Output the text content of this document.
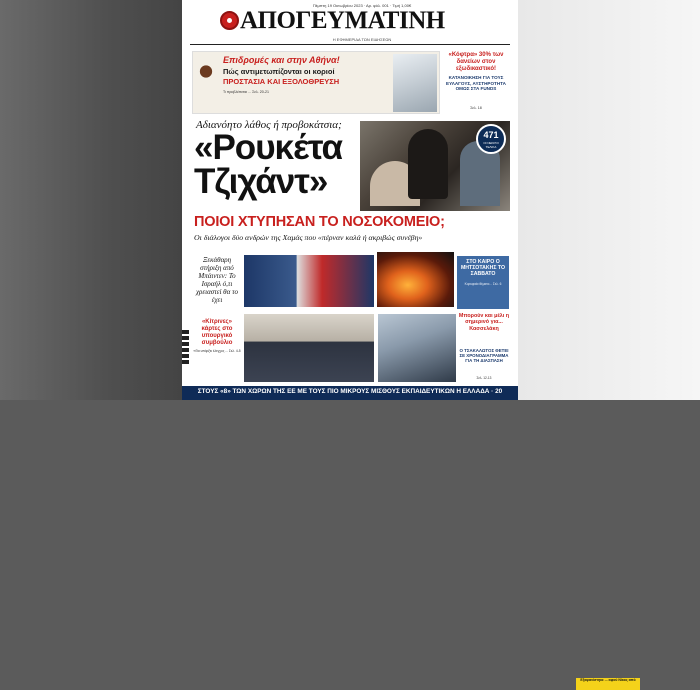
Πέμπτη 19 Οκτωβρίου 2023 · Αρ. φύλ. 001 · Τιμή 1,00€
ΑΠΟΓΕΥΜΑΤΙΝΗ
Η ΕΦΗΜΕΡΙΔΑ ΤΩΝ ΕΙΔΗΣΕΩΝ
Επιδρομές και στην Αθήνα!
Πώς αντιμετωπίζονται οι κοριοί
ΠΡΟΣΤΑΣΙΑ ΚΑΙ ΕΞΟΛΟΘΡΕΥΣΗ
Τι προβλέπεται ... Σελ. 20-21
«Κόφτρα» 30% των δανείων στον εξωδικαστικό!
ΚΑΤΑΝΟΙΚΗΣΗ ΓΙΑ ΤΟΥΣ ΕΥΛΑΓΟΥΣ, ΑΥΣΤΗΡΟΤΗΤΑ ΟΜΩΣ ΣΤΑ FUNDS
Σελ. 18
Αδιανόητο λάθος ή προβοκάτσια;
471
ΟΙ ΝΕΚΡΟΙ ΤΕΛΙΚΑ
«Ρουκέτα
Τζιχάντ»
ΠΟΙΟΙ ΧΤΥΠΗΣΑΝ ΤΟ ΝΟΣΟΚΟΜΕΙΟ;
Οι διάλογοι δύο ανδρών της Χαμάς που «πέρναν καλά ή ακριβώς συνέβη»
Ξεκάθαρη στήριξη από Μπάιντεν: Το Ισραήλ ό,τι χρειαστεί θα το έχει
ΣΤΟ ΚΑΙΡΟ Ο ΜΗΤΣΟΤΑΚΗΣ ΤΟ ΣΑΒΒΑΤΟ
Κορυφαία θέματα... Σελ. 6
«Κίτρινες» κάρτες στο υπουργικό συμβούλιο
«Θα υπάρξει έλεγχος ... Σελ. 4-5
Εξαφανίστηκε ... αφού Νίκος από
Μπορούν και μέλι η σημερινό για... Κασσελάκη
Ο ΤΣΑΚΑΛΩΤΟΣ ΘΕΤΕΙ ΣΕ ΧΡΟΝΟΔΙΑΓΡΑΜΜΑ ΓΙΑ ΤΗ ΔΙΑΣΠΑΣΗ
Σελ. 12-13
ΣΤΟΥΣ «8» ΤΩΝ ΧΩΡΩΝ ΤΗΣ ΕΕ ΜΕ ΤΟΥΣ ΠΙΟ ΜΙΚΡΟΥΣ ΜΙΣΘΟΥΣ ΕΚΠΑΙΔΕΥΤΙΚΩΝ Η ΕΛΛΑΔΑ · 20
